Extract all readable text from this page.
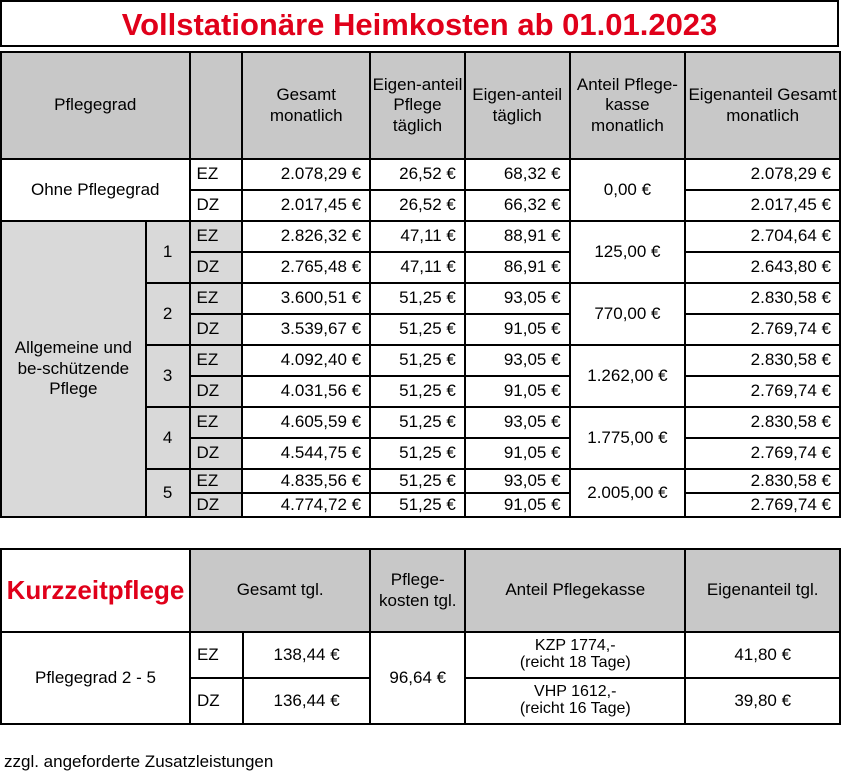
Vollstationäre Heimkosten ab 01.01.2023
Pflegegrad			Gesamt monatlich	Eigen-anteil Pflege täglich	Eigen-anteil täglich	Anteil Pflege-kasse monatlich	Eigenanteil Gesamt monatlich
Ohne Pflegegrad		EZ	2.078,29 €	26,52 €	68,32 €	0,00 €	2.078,29 €
		DZ	2.017,45 €	26,52 €	66,32 €		2.017,45 €
Allgemeine und be-schützende Pflege	1	EZ	2.826,32 €	47,11 €	88,91 €	125,00 €	2.704,64 €
		DZ	2.765,48 €	47,11 €	86,91 €		2.643,80 €
	2	EZ	3.600,51 €	51,25 €	93,05 €	770,00 €	2.830,58 €
		DZ	3.539,67 €	51,25 €	91,05 €		2.769,74 €
	3	EZ	4.092,40 €	51,25 €	93,05 €	1.262,00 €	2.830,58 €
		DZ	4.031,56 €	51,25 €	91,05 €		2.769,74 €
	4	EZ	4.605,59 €	51,25 €	93,05 €	1.775,00 €	2.830,58 €
		DZ	4.544,75 €	51,25 €	91,05 €		2.769,74 €
	5	EZ	4.835,56 €	51,25 €	93,05 €	2.005,00 €	2.830,58 €
		DZ	4.774,72 €	51,25 €	91,05 €		2.769,74 €
Kurzzeitpflege	Gesamt tgl.		Pflege-kosten tgl.	Anteil Pflegekasse	Eigenanteil tgl.
Pflegegrad 2 - 5	EZ	138,44 €	96,64 €	KZP 1774,-
(reicht 18 Tage)	41,80 €
	DZ	136,44 €		VHP 1612,-
(reicht 16 Tage)	39,80 €
zzgl. angeforderte Zusatzleistungen
